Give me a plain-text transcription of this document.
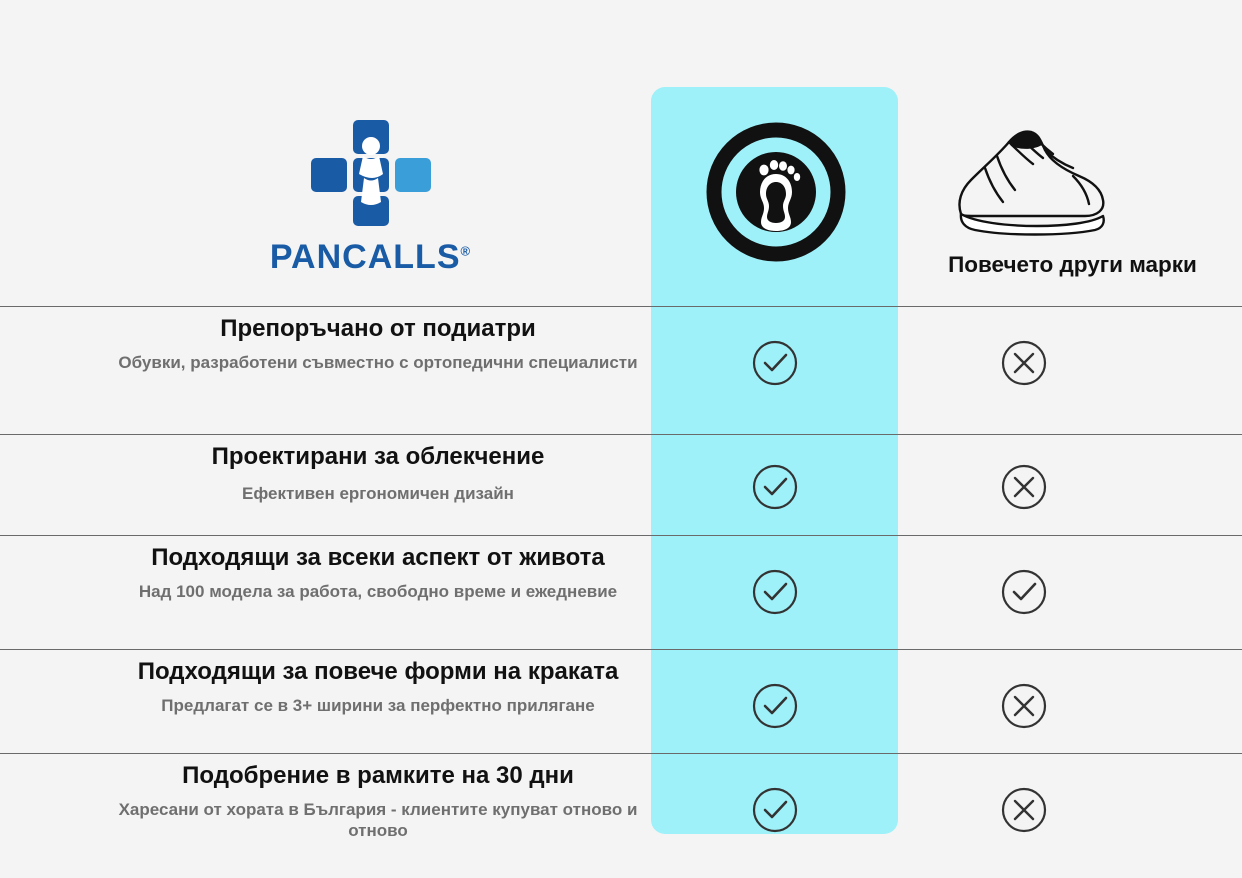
PANCALLS®
Повечето други марки
Препоръчано от подиатри
Обувки, разработени съвместно с ортопедични специалисти
Проектирани за облекчение
Ефективен ергономичен дизайн
Подходящи за всеки аспект от живота
Над 100 модела за работа, свободно време и ежедневие
Подходящи за повече форми на краката
Предлагат се в 3+ ширини за перфектно прилягане
Подобрение в рамките на 30 дни
Харесани от хората в България - клиентите купуват отново и отново
